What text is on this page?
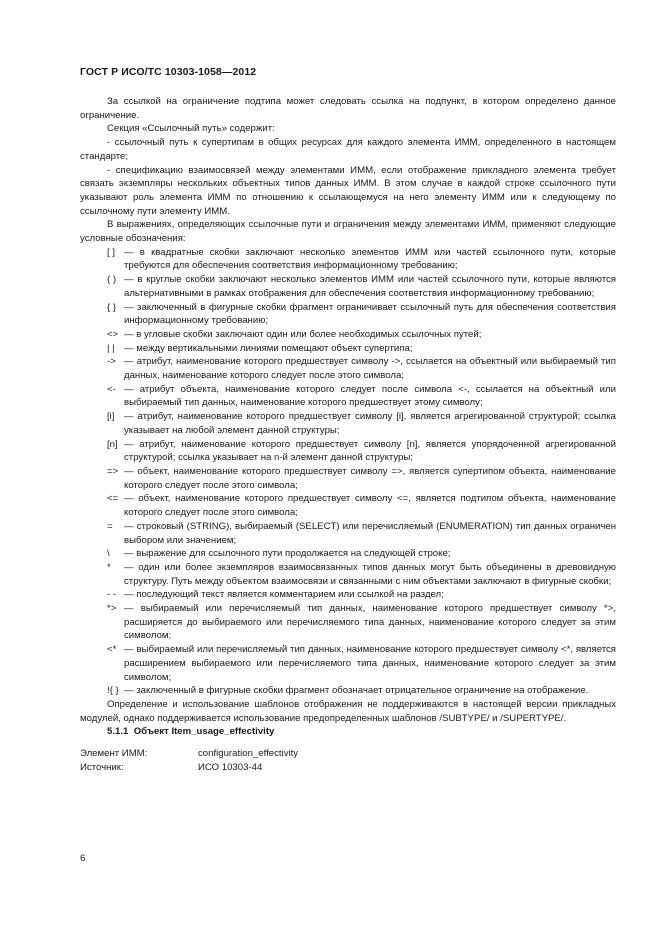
ГОСТ Р ИСО/ТС 10303-1058—2012

За ссылкой на ограничение подтипа может следовать ссылка на подпункт, в котором определено данное ограничение.

Секция «Ссылочный путь» содержит:

- ссылочный путь к супертипам в общих ресурсах для каждого элемента ИММ, определенного в настоящем стандарте;

- спецификацию взаимосвязей между элементами ИММ, если отображение прикладного элемента требует связать экземпляры нескольких объектных типов данных ИММ. В этом случае в каждой строке ссылочного пути указывают роль элемента ИММ по отношению к ссылающемуся на него элементу ИММ или к следующему по ссылочному пути элементу ИММ.

В выражениях, определяющих ссылочные пути и ограничения между элементами ИММ, применяют следующие условные обозначения:

[ ] — в квадратные скобки заключают несколько элементов ИММ или частей ссылочного пути, которые требуются для обеспечения соответствия информационному требованию;
( ) — в круглые скобки заключают несколько элементов ИММ или частей ссылочного пути, которые являются альтернативными в рамках отображения для обеспечения соответствия информационному требованию;
{ } — заключенный в фигурные скобки фрагмент ограничивает ссылочный путь для обеспечения соответствия информационному требованию;
<> — в угловые скобки заключают один или более необходимых ссылочных путей;
| | — между вертикальными линиями помещают объект супертипа;
-> — атрибут, наименование которого предшествует символу ->, ссылается на объектный или выбираемый тип данных, наименование которого следует после этого символа;
<- — атрибут объекта, наименование которого следует после символа <-, ссылается на объектный или выбираемый тип данных, наименование которого предшествует этому символу;
[i] — атрибут, наименование которого предшествует символу [i], является агрегированной структурой; ссылка указывает на любой элемент данной структуры;
[n] — атрибут, наименование которого предшествует символу [n], является упорядоченной агрегированной структурой; ссылка указывает на n-й элемент данной структуры;
=> — объект, наименование которого предшествует символу =>, является супертипом объекта, наименование которого следует после этого символа;
<= — объект, наименование которого предшествует символу <=, является подтипом объекта, наименование которого следует после этого символа;
= — строковый (STRING), выбираемый (SELECT) или перечисляемый (ENUMERATION) тип данных ограничен выбором или значением;
\ — выражение для ссылочного пути продолжается на следующей строке;
* — один или более экземпляров взаимосвязанных типов данных могут быть объединены в древовидную структуру. Путь между объектом взаимосвязи и связанными с ним объектами заключают в фигурные скобки;
- - — последующий текст является комментарием или ссылкой на раздел;
*> — выбираемый или перечисляемый тип данных, наименование которого предшествует символу *>, расширяется до выбираемого или перечисляемого типа данных, наименование которого следует за этим символом;
<* — выбираемый или перечисляемый тип данных, наименование которого предшествует символу <*, является расширением выбираемого или перечисляемого типа данных, наименование которого следует за этим символом;
!{ } — заключенный в фигурные скобки фрагмент обозначает отрицательное ограничение на отображение.

Определение и использование шаблонов отображения не поддерживаются в настоящей версии прикладных модулей, однако поддерживается использование предопределенных шаблонов /SUBTYPE/ и /SUPERTYPE/.

5.1.1 Объект Item_usage_effectivity

Элемент ИММ:	configuration_effectivity
Источник:	ИСО 10303-44
6
